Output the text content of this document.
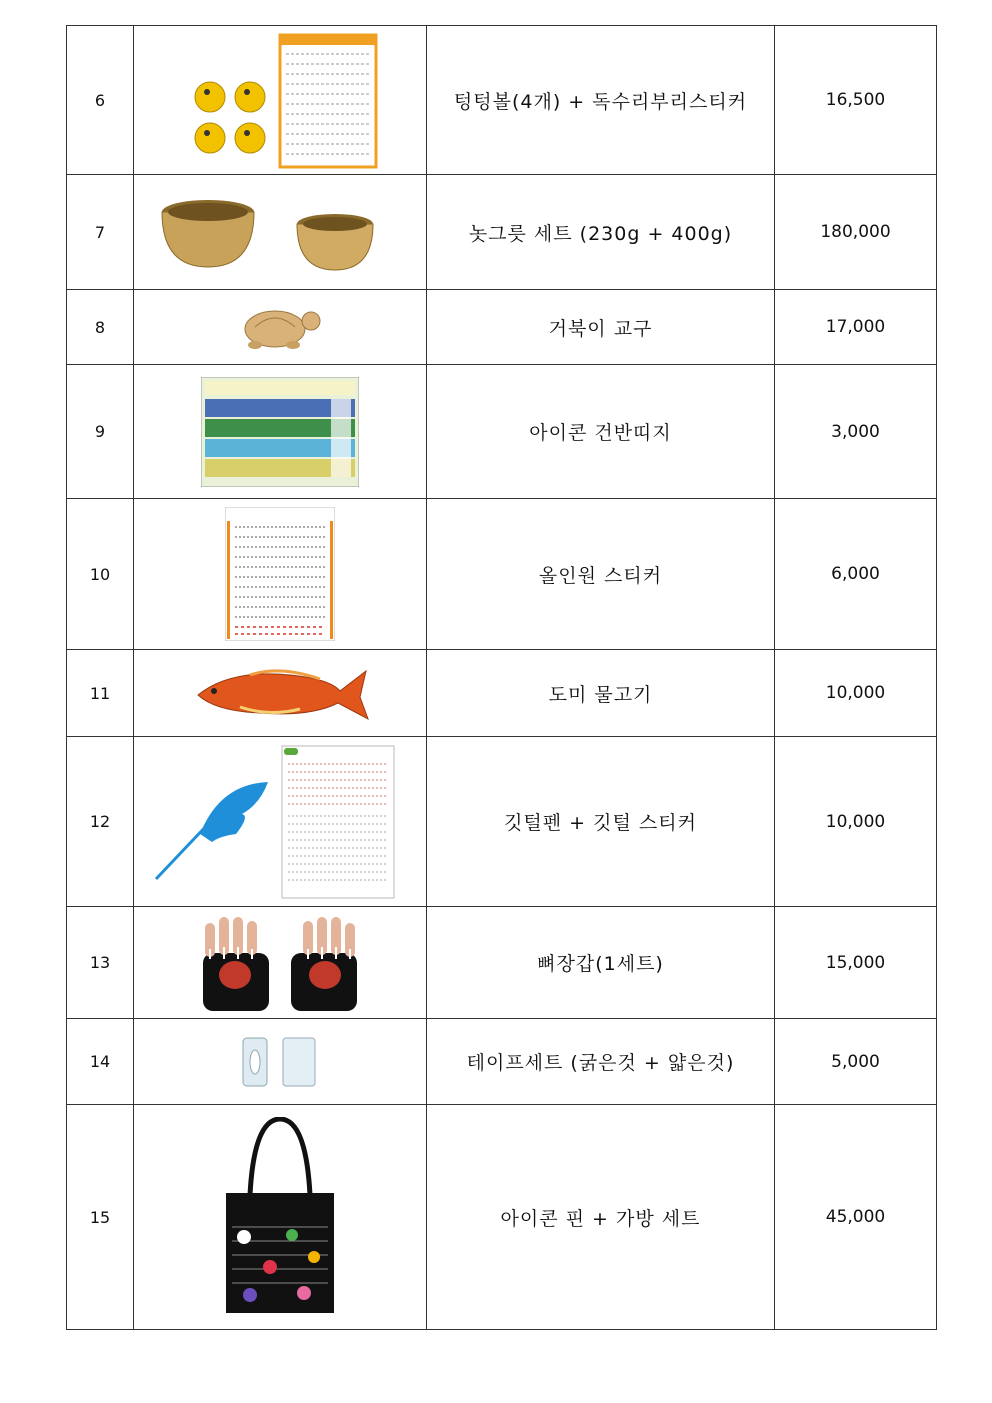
6		텅텅볼(4개) + 독수리부리스티커	16,500
7		놋그릇 세트 (230g + 400g)	180,000
8		거북이 교구	17,000
9		아이콘 건반띠지	3,000
10		올인원 스티커	6,000
11		도미 물고기	10,000
12		깃털펜 + 깃털 스티커	10,000
13		뼈장갑(1세트)	15,000
14		테이프세트 (굵은것 + 얇은것)	5,000
15		아이콘 핀 + 가방 세트	45,000
